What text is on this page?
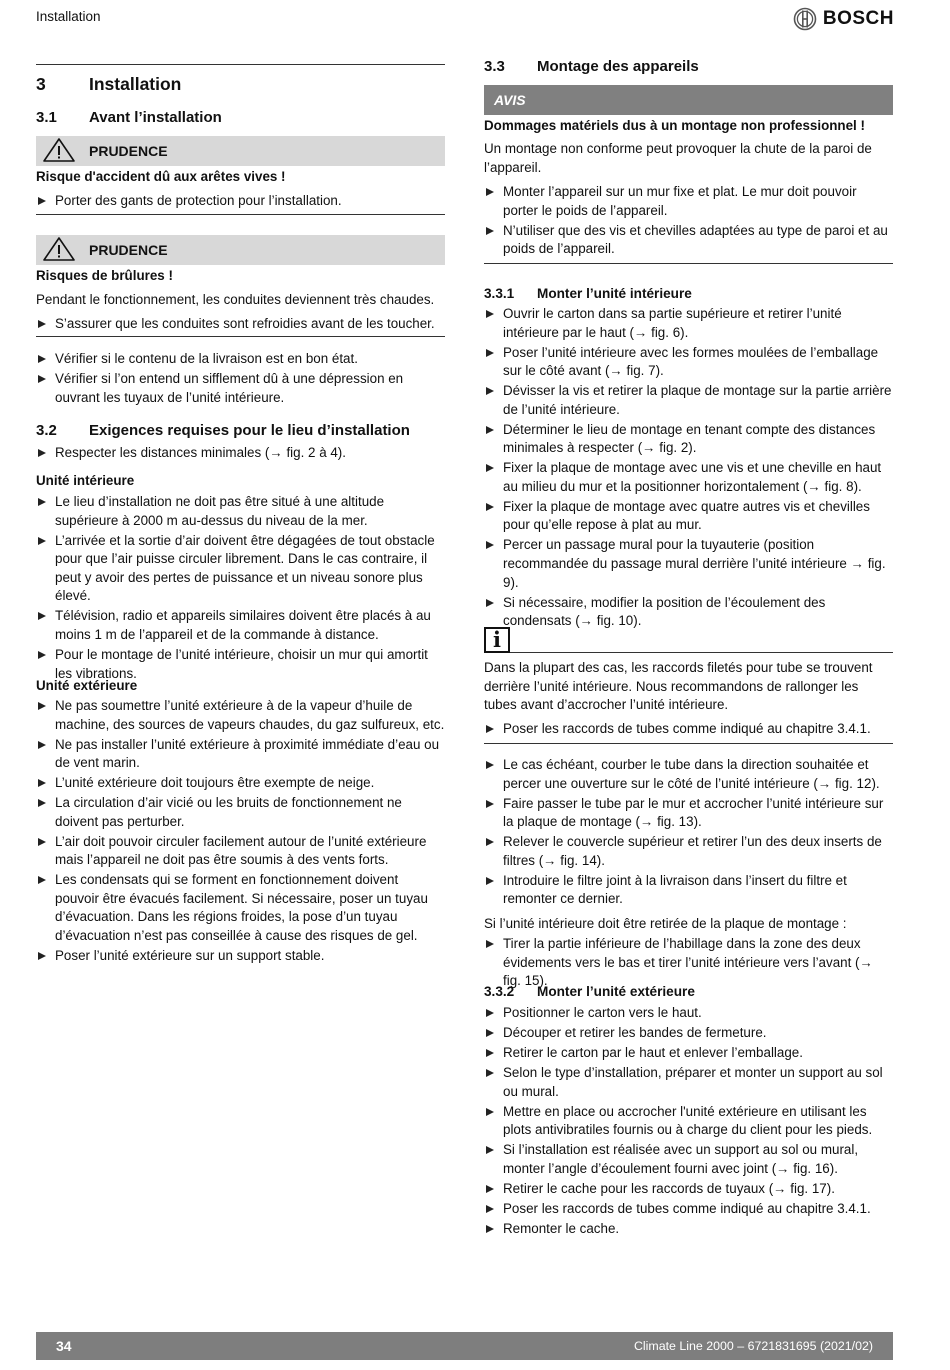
Installation	BOSCH
3	Installation
3.1	Avant l’installation
PRUDENCE

Risque d'accident dû aux arêtes vives !

Porter des gants de protection pour l’installation.
PRUDENCE

Risques de brûlures !

Pendant le fonctionnement, les conduites deviennent très chaudes.

S’assurer que les conduites sont refroidies avant de les toucher.
Vérifier si le contenu de la livraison est en bon état.
Vérifier si l’on entend un sifflement dû à une dépression en ouvrant les tuyaux de l’unité intérieure.
3.2	Exigences requises pour le lieu d’installation
Respecter les distances minimales (→ fig. 2 à 4).

Unité intérieure

Le lieu d’installation ne doit pas être situé à une altitude supérieure à 2000 m au-dessus du niveau de la mer.
L’arrivée et la sortie d’air doivent être dégagées de tout obstacle pour que l’air puisse circuler librement. Dans le cas contraire, il peut y avoir des pertes de puissance et un niveau sonore plus élevé.
Télévision, radio et appareils similaires doivent être placés à au moins 1 m de l’appareil et de la commande à distance.
Pour le montage de l’unité intérieure, choisir un mur qui amortit les vibrations.

Unité extérieure

Ne pas soumettre l’unité extérieure à de la vapeur d’huile de machine, des sources de vapeurs chaudes, du gaz sulfureux, etc.
Ne pas installer l’unité extérieure à proximité immédiate d’eau ou de vent marin.
L’unité extérieure doit toujours être exempte de neige.
La circulation d’air vicié ou les bruits de fonctionnement ne doivent pas perturber.
L’air doit pouvoir circuler facilement autour de l’unité extérieure mais l’appareil ne doit pas être soumis à des vents forts.
Les condensats qui se forment en fonctionnement doivent pouvoir être évacués facilement. Si nécessaire, poser un tuyau d’évacuation. Dans les régions froides, la pose d’un tuyau d’évacuation n’est pas conseillée à cause des risques de gel.
Poser l’unité extérieure sur un support stable.
3.3	Montage des appareils
AVIS

Dommages matériels dus à un montage non professionnel !

Un montage non conforme peut provoquer la chute de la paroi de l’appareil.

Monter l’appareil sur un mur fixe et plat. Le mur doit pouvoir porter le poids de l’appareil.
N’utiliser que des vis et chevilles adaptées au type de paroi et au poids de l’appareil.
3.3.1	Monter l’unité intérieure
Ouvrir le carton dans sa partie supérieure et retirer l’unité intérieure par le haut (→ fig. 6).
Poser l’unité intérieure avec les formes moulées de l’emballage sur le côté avant (→ fig. 7).
Dévisser la vis et retirer la plaque de montage sur la partie arrière de l’unité intérieure.
Déterminer le lieu de montage en tenant compte des distances minimales à respecter (→ fig. 2).
Fixer la plaque de montage avec une vis et une cheville en haut au milieu du mur et la positionner horizontalement (→ fig. 8).
Fixer la plaque de montage avec quatre autres vis et chevilles pour qu’elle repose à plat au mur.
Percer un passage mural pour la tuyauterie (position recommandée du passage mural derrière l’unité intérieure → fig. 9).
Si nécessaire, modifier la position de l’écoulement des condensats (→ fig. 10).
i

Dans la plupart des cas, les raccords filetés pour tube se trouvent derrière l’unité intérieure. Nous recommandons de rallonger les tubes avant d’accrocher l’unité intérieure.

Poser les raccords de tubes comme indiqué au chapitre 3.4.1.
Le cas échéant, courber le tube dans la direction souhaitée et percer une ouverture sur le côté de l’unité intérieure (→ fig. 12).
Faire passer le tube par le mur et accrocher l’unité intérieure sur la plaque de montage (→ fig. 13).
Relever le couvercle supérieur et retirer l’un des deux inserts de filtres (→ fig. 14).
Introduire le filtre joint à la livraison dans l’insert du filtre et remonter ce dernier.

Si l’unité intérieure doit être retirée de la plaque de montage :

Tirer la partie inférieure de l’habillage dans la zone des deux évidements vers le bas et tirer l’unité intérieure vers l’avant (→ fig. 15).
3.3.2	Monter l’unité extérieure
Positionner le carton vers le haut.
Découper et retirer les bandes de fermeture.
Retirer le carton par le haut et enlever l’emballage.
Selon le type d’installation, préparer et monter un support au sol ou mural.
Mettre en place ou accrocher l'unité extérieure en utilisant les plots antivibratiles fournis ou à charge du client pour les pieds.
Si l’installation est réalisée avec un support au sol ou mural, monter l’angle d’écoulement fourni avec joint (→ fig. 16).
Retirer le cache pour les raccords de tuyaux (→ fig. 17).
Poser les raccords de tubes comme indiqué au chapitre 3.4.1.
Remonter le cache.
34	Climate Line 2000 – 6721831695 (2021/02)
